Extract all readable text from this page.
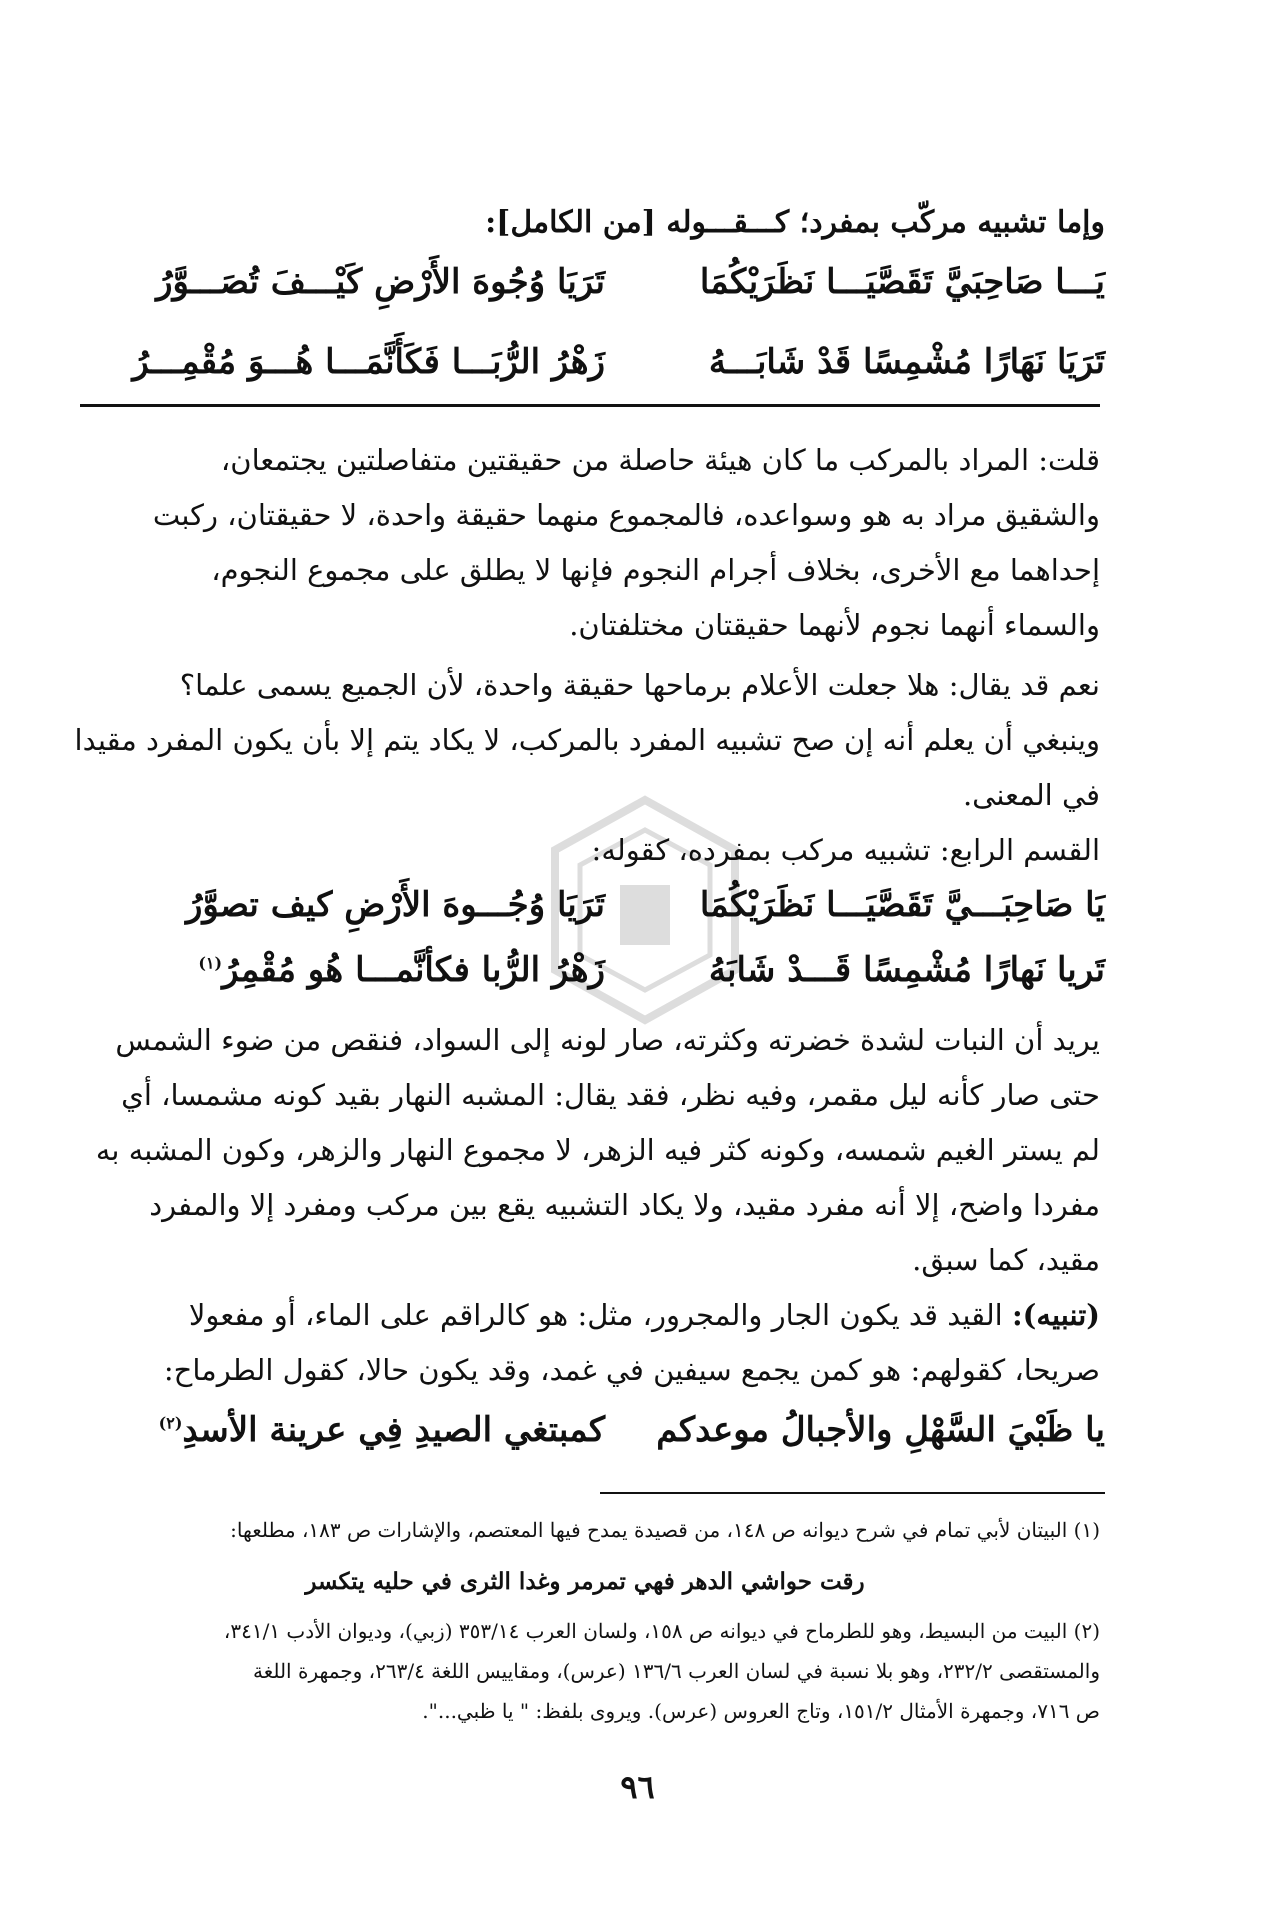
وإما تشبيه مركّب بمفرد؛ كـــقـــوله [من الكامل]:
يَـــا صَاحِبَيَّ تَقَصَّيَـــا نَظَرَيْكُمَا
تَرَيَا وُجُوهَ الأَرْضِ كَيْـــفَ تُصَـــوَّرُ
تَرَيَا نَهَارًا مُشْمِسًا قَدْ شَابَـــهُ
زَهْرُ الرُّبَـــا فَكَأَنَّمَـــا هُـــوَ مُقْمِـــرُ
قلت: المراد بالمركب ما كان هيئة حاصلة من حقيقتين متفاصلتين يجتمعان،
والشقيق مراد به هو وسواعده، فالمجموع منهما حقيقة واحدة، لا حقيقتان، ركبت
إحداهما مع الأخرى، بخلاف أجرام النجوم فإنها لا يطلق على مجموع النجوم،
والسماء أنهما نجوم لأنهما حقيقتان مختلفتان.
نعم قد يقال: هلا جعلت الأعلام برماحها حقيقة واحدة، لأن الجميع يسمى علما؟
وينبغي أن يعلم أنه إن صح تشبيه المفرد بالمركب، لا يكاد يتم إلا بأن يكون المفرد مقيدا
في المعنى.
القسم الرابع: تشبيه مركب بمفرده، كقوله:
يَا صَاحِبَـــيَّ تَقَصَّيَـــا نَظَرَيْكُمَا
تَرَيَا وُجُـــوهَ الأَرْضِ كيف تصوَّرُ
تَريا نَهارًا مُشْمِسًا قَـــدْ شَابَهُ
زَهْرُ الرُّبا فكأنَّمـــا هُو مُقْمِرُ$^{(١)}$
يريد أن النبات لشدة خضرته وكثرته، صار لونه إلى السواد، فنقص من ضوء الشمس
حتى صار كأنه ليل مقمر، وفيه نظر، فقد يقال: المشبه النهار بقيد كونه مشمسا، أي
لم يستر الغيم شمسه، وكونه كثر فيه الزهر، لا مجموع النهار والزهر، وكون المشبه به
مفردا واضح، إلا أنه مفرد مقيد، ولا يكاد التشبيه يقع بين مركب ومفرد إلا والمفرد
مقيد، كما سبق.
(تنبيه): القيد قد يكون الجار والمجرور، مثل: هو كالراقم على الماء، أو مفعولا
صريحا، كقولهم: هو كمن يجمع سيفين في غمد، وقد يكون حالا، كقول الطرماح:
يا ظَبْيَ السَّهْلِ والأجبالُ موعدكم
كمبتغي الصيدِ فِي عرينة الأسدِ$^{(٢)}$
(١) البيتان لأبي تمام في شرح ديوانه ص ١٤٨، من قصيدة يمدح فيها المعتصم، والإشارات ص ١٨٣، مطلعها:
رقت حواشي الدهر فهي تمرمر وغدا الثرى في حليه يتكسر
(٢) البيت من البسيط، وهو للطرماح في ديوانه ص ١٥٨، ولسان العرب ٣٥٣/١٤ (زبي)، وديوان الأدب ٣٤١/١،
والمستقصى ٢٣٢/٢، وهو بلا نسبة في لسان العرب ١٣٦/٦ (عرس)، ومقاييس اللغة ٢٦٣/٤، وجمهرة اللغة
ص ٧١٦، وجمهرة الأمثال ١٥١/٢، وتاج العروس (عرس). ويروى بلفظ: " يا ظبي...".
٩٦
